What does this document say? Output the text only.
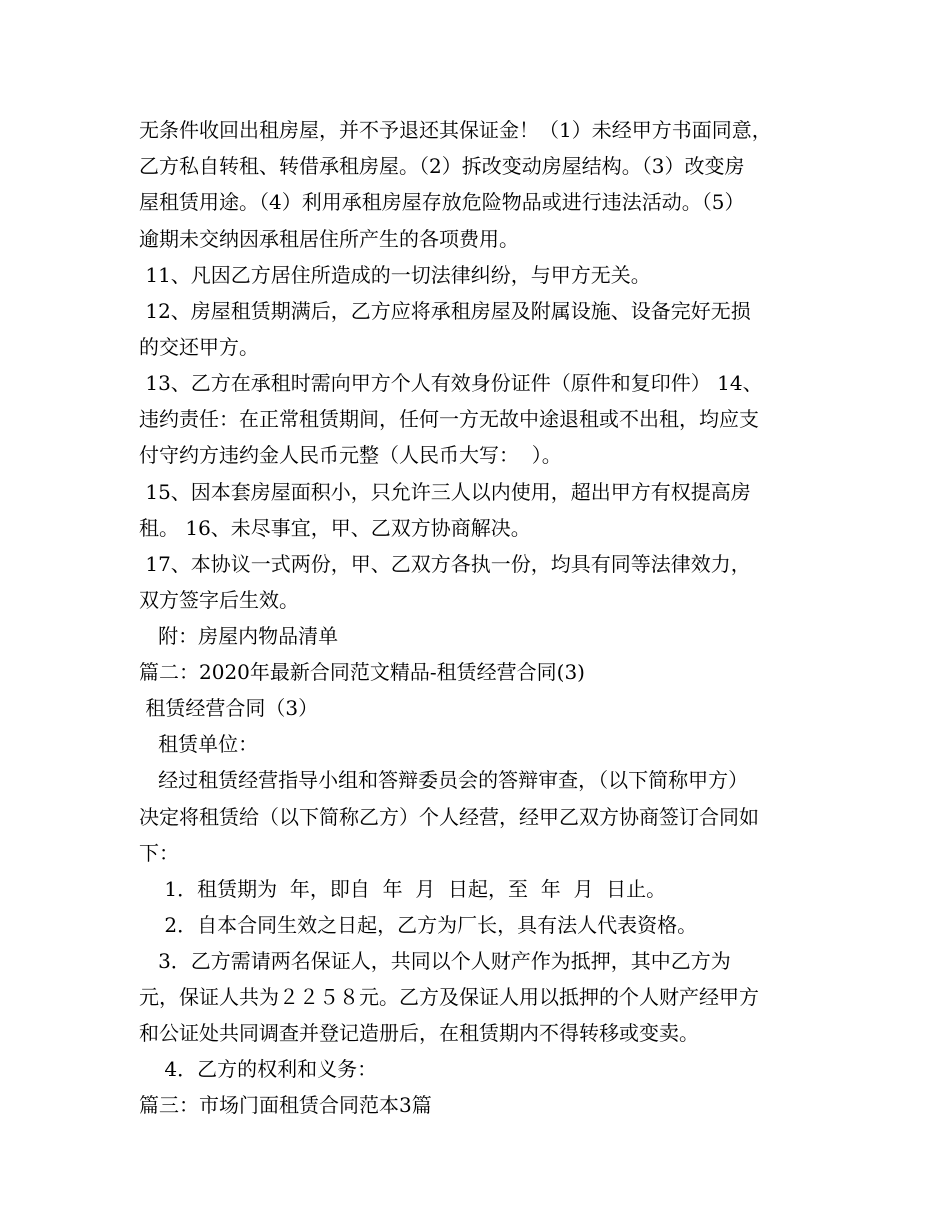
无条件收回出租房屋，并不予退还其保证金！（1）未经甲方书面同意，
乙方私自转租、转借承租房屋。（2）拆改变动房屋结构。（3）改变房
屋租赁用途。（4）利用承租房屋存放危险物品或进行违法活动。（5）
逾期未交纳因承租居住所产生的各项费用。
11、凡因乙方居住所造成的一切法律纠纷，与甲方无关。
12、房屋租赁期满后，乙方应将承租房屋及附属设施、设备完好无损
的交还甲方。
13、乙方在承租时需向甲方个人有效身份证件（原件和复印件） 14、
违约责任：在正常租赁期间，任何一方无故中途退租或不出租，均应支
付守约方违约金人民币元整（人民币大写：  ）。
15、因本套房屋面积小，只允许三人以内使用，超出甲方有权提高房
租。 16、未尽事宜，甲、乙双方协商解决。
17、本协议一式两份，甲、乙双方各执一份，均具有同等法律效力，
双方签字后生效。
附：房屋内物品清单
篇二：2020年最新合同范文精品-租赁经营合同(3)
租赁经营合同（3）
租赁单位：
经过租赁经营指导小组和答辩委员会的答辩审查，（以下简称甲方）
决定将租赁给（以下简称乙方）个人经营，经甲乙双方协商签订合同如
下：
1．租赁期为  年，即自  年  月  日起，至  年  月  日止。
2．自本合同生效之日起，乙方为厂长，具有法人代表资格。
3．乙方需请两名保证人，共同以个人财产作为抵押，其中乙方为
元，保证人共为２２５８元。乙方及保证人用以抵押的个人财产经甲方
和公证处共同调查并登记造册后，在租赁期内不得转移或变卖。
4．乙方的权利和义务：
篇三：市场门面租赁合同范本3篇
